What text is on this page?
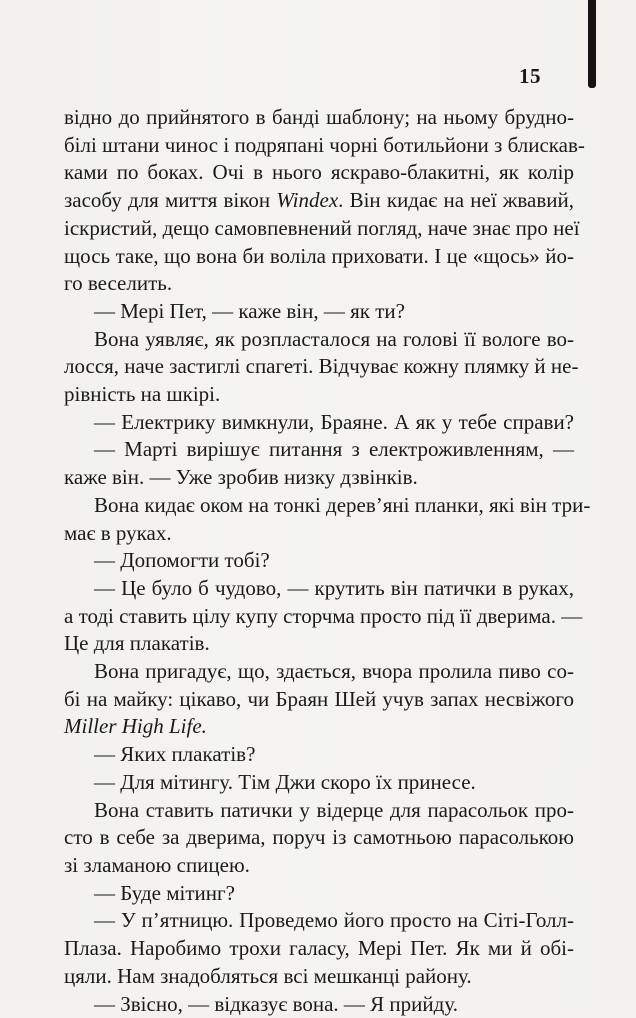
15
відно до прийнятого в банді шаблону; на ньому брудно-
білі штани чинос і подряпані чорні ботильйони з блискав-
ками по боках. Очі в нього яскраво-блакитні, як колір
засобу для миття вікон Windex. Він кидає на неї жвавий,
іскристий, дещо самовпевнений погляд, наче знає про неї
щось таке, що вона би воліла приховати. І це «щось» йо-
го веселить.
— Мері Пет, — каже він, — як ти?
Вона уявляє, як розпласталося на голові її вологе во-
лосся, наче застиглі спагеті. Відчуває кожну плямку й не-
рівність на шкірі.
— Електрику вимкнули, Браяне. А як у тебе справи?
— Марті вирішує питання з електроживленням, —
каже він. — Уже зробив низку дзвінків.
Вона кидає оком на тонкі дерев’яні планки, які він три-
має в руках.
— Допомогти тобі?
— Це було б чудово, — крутить він патички в руках,
а тоді ставить цілу купу сторчма просто під її дверима. —
Це для плакатів.
Вона пригадує, що, здається, вчора пролила пиво со-
бі на майку: цікаво, чи Браян Шей учув запах несвіжого
Miller High Life.
— Яких плакатів?
— Для мітингу. Тім Джи скоро їх принесе.
Вона ставить патички у відерце для парасольок про-
сто в себе за дверима, поруч із самотньою парасолькою
зі зламаною спицею.
— Буде мітинг?
— У п’ятницю. Проведемо його просто на Сіті-Голл-
Плаза. Наробимо трохи галасу, Мері Пет. Як ми й обі-
цяли. Нам знадобляться всі мешканці району.
— Звісно, — відказує вона. — Я прийду.
